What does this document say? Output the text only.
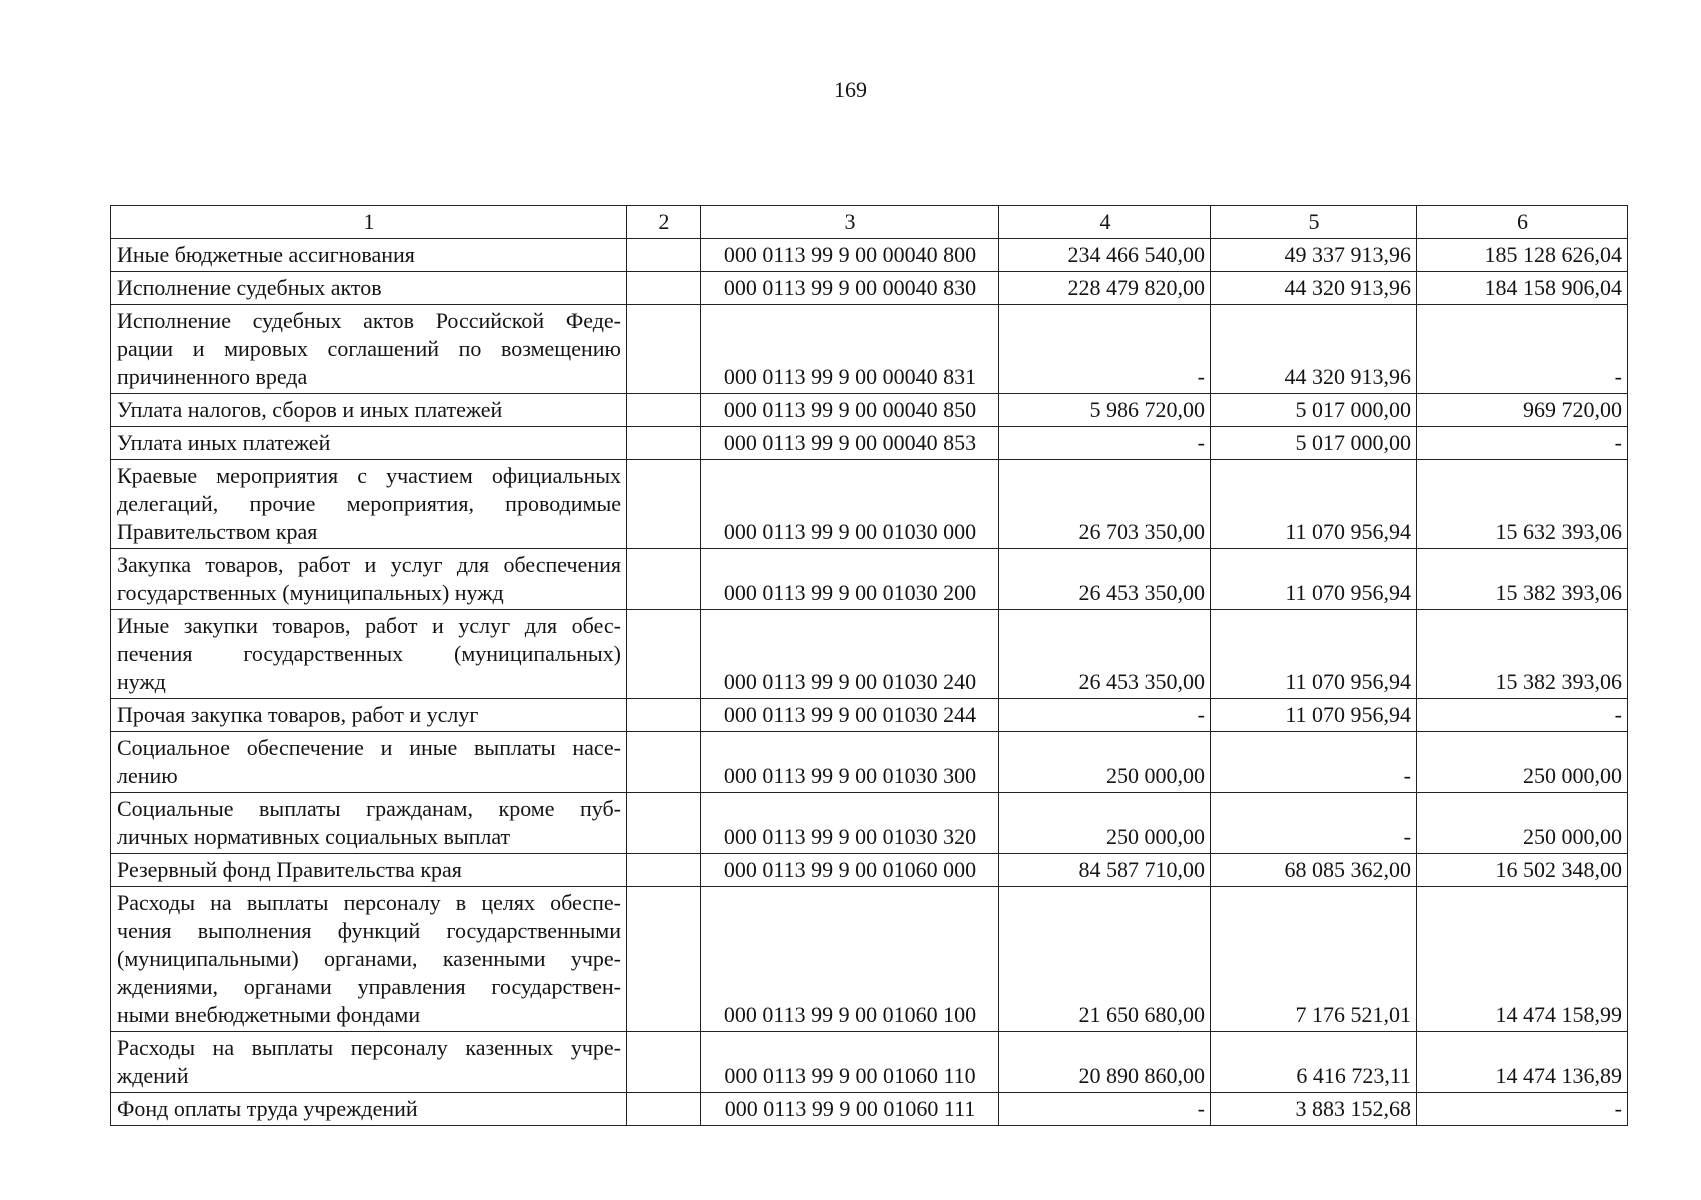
169
1	2	3	4	5	6

Иные бюджетные ассигнования		000 0113 99 9 00 00040 800	234 466 540,00	49 337 913,96	185 128 626,04

Исполнение судебных актов		000 0113 99 9 00 00040 830	228 479 820,00	44 320 913,96	184 158 906,04

Исполнение судебных актов Российской Феде-
рации и мировых соглашений по возмещению
причиненного вреда		000 0113 99 9 00 00040 831	-	44 320 913,96	-

Уплата налогов, сборов и иных платежей		000 0113 99 9 00 00040 850	5 986 720,00	5 017 000,00	969 720,00

Уплата иных платежей		000 0113 99 9 00 00040 853	-	5 017 000,00	-

Краевые мероприятия с участием официальных
делегаций, прочие мероприятия, проводимые
Правительством края		000 0113 99 9 00 01030 000	26 703 350,00	11 070 956,94	15 632 393,06

Закупка товаров, работ и услуг для обеспечения
государственных (муниципальных) нужд		000 0113 99 9 00 01030 200	26 453 350,00	11 070 956,94	15 382 393,06

Иные закупки товаров, работ и услуг для обес-
печения государственных (муниципальных)
нужд		000 0113 99 9 00 01030 240	26 453 350,00	11 070 956,94	15 382 393,06

Прочая закупка товаров, работ и услуг		000 0113 99 9 00 01030 244	-	11 070 956,94	-

Социальное обеспечение и иные выплаты насе-
лению		000 0113 99 9 00 01030 300	250 000,00	-	250 000,00

Социальные выплаты гражданам, кроме пуб-
личных нормативных социальных выплат		000 0113 99 9 00 01030 320	250 000,00	-	250 000,00

Резервный фонд Правительства края		000 0113 99 9 00 01060 000	84 587 710,00	68 085 362,00	16 502 348,00

Расходы на выплаты персоналу в целях обеспе-
чения выполнения функций государственными
(муниципальными) органами, казенными учре-
ждениями, органами управления государствен-
ными внебюджетными фондами		000 0113 99 9 00 01060 100	21 650 680,00	7 176 521,01	14 474 158,99

Расходы на выплаты персоналу казенных учре-
ждений		000 0113 99 9 00 01060 110	20 890 860,00	6 416 723,11	14 474 136,89

Фонд оплаты труда учреждений		000 0113 99 9 00 01060 111	-	3 883 152,68	-
